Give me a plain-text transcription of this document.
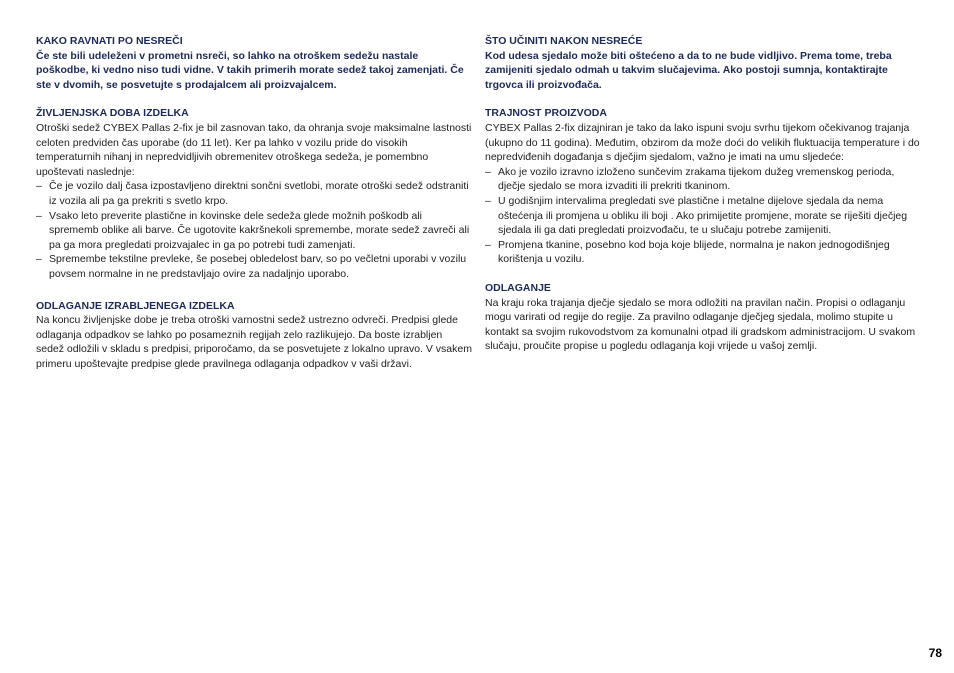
KAKO RAVNATI PO NESREČI

Če ste bili udeleženi v prometni nsreči, so lahko na otroškem sedežu nastale poškodbe, ki vedno niso tudi vidne. V takih primerih morate sedež takoj zamenjati. Če ste v dvomih, se posvetujte s prodajalcem ali proizvajalcem.

ŽIVLJENJSKA DOBA IZDELKA

Otroški sedež CYBEX Pallas 2-fix je bil zasnovan tako, da ohranja svoje maksimalne lastnosti celoten predviden čas uporabe (do 11 let). Ker pa lahko v vozilu pride do visokih temperaturnih nihanj in nepredvidljivih obremenitev otroškega sedeža, je pomembno upoštevati naslednje:

– Če je vozilo dalj časa izpostavljeno direktni sončni svetlobi, morate otroški sedež odstraniti iz vozila ali pa ga prekriti s svetlo krpo.
– Vsako leto preverite plastične in kovinske dele sedeža glede možnih poškodb ali sprememb oblike ali barve. Če ugotovite kakršnekoli spremembe, morate sedež zavreči ali pa ga mora pregledati proizvajalec in ga po potrebi tudi zamenjati.
– Spremembe tekstilne prevleke, še posebej obledelost barv, so po večletni uporabi v vozilu povsem normalne in ne predstavljajo ovire za nadaljnjo uporabo.

ODLAGANJE IZRABLJENEGA IZDELKA

Na koncu življenjske dobe je treba otroški varnostni sedež ustrezno odvreči. Predpisi glede odlaganja odpadkov se lahko po posameznih regijah zelo razlikujejo. Da boste izrabljen sedež odložili v skladu s predpisi, priporočamo, da se posvetujete z lokalno upravo. V vsakem primeru upoštevajte predpise glede pravilnega odlaganja odpadkov v vaši državi.

ŠTO UČINITI NAKON NESREĆE

Kod udesa sjedalo može biti oštećeno a da to ne bude vidljivo. Prema tome, treba zamijeniti sjedalo odmah u takvim slučajevima. Ako postoji sumnja, kontaktirajte trgovca ili proizvođača.

TRAJNOST PROIZVODA

CYBEX Pallas 2-fix dizajniran je tako da lako ispuni svoju svrhu tijekom očekivanog trajanja (ukupno do 11 godina). Međutim, obzirom da može doći do velikih fluktuacija temperature i do nepredviđenih događanja s dječjim sjedalom, važno je imati na umu sljedeće:

– Ako je vozilo izravno izloženo sunčevim zrakama tijekom dužeg vremenskog perioda, dječje sjedalo se mora izvaditi ili prekriti tkaninom.
– U godišnjim intervalima pregledati sve plastične i metalne dijelove sjedala da nema oštećenja ili promjena u obliku ili boji . Ako primijetite promjene, morate se riješiti dječjeg sjedala ili ga dati pregledati proizvođaču, te u slučaju potrebe zamijeniti.
– Promjena tkanine, posebno kod boja koje blijede, normalna je nakon jednogodišnjeg korištenja u vozilu.

ODLAGANJE

Na kraju roka trajanja dječje sjedalo se mora odložiti na pravilan način. Propisi o odlaganju mogu varirati od regije do regije. Za pravilno odlaganje dječjeg sjedala, molimo stupite u kontakt sa svojim rukovodstvom za komunalni otpad ili gradskom administracijom. U svakom slučaju, proučite propise u pogledu odlaganja koji vrijede u vašoj zemlji.

78
